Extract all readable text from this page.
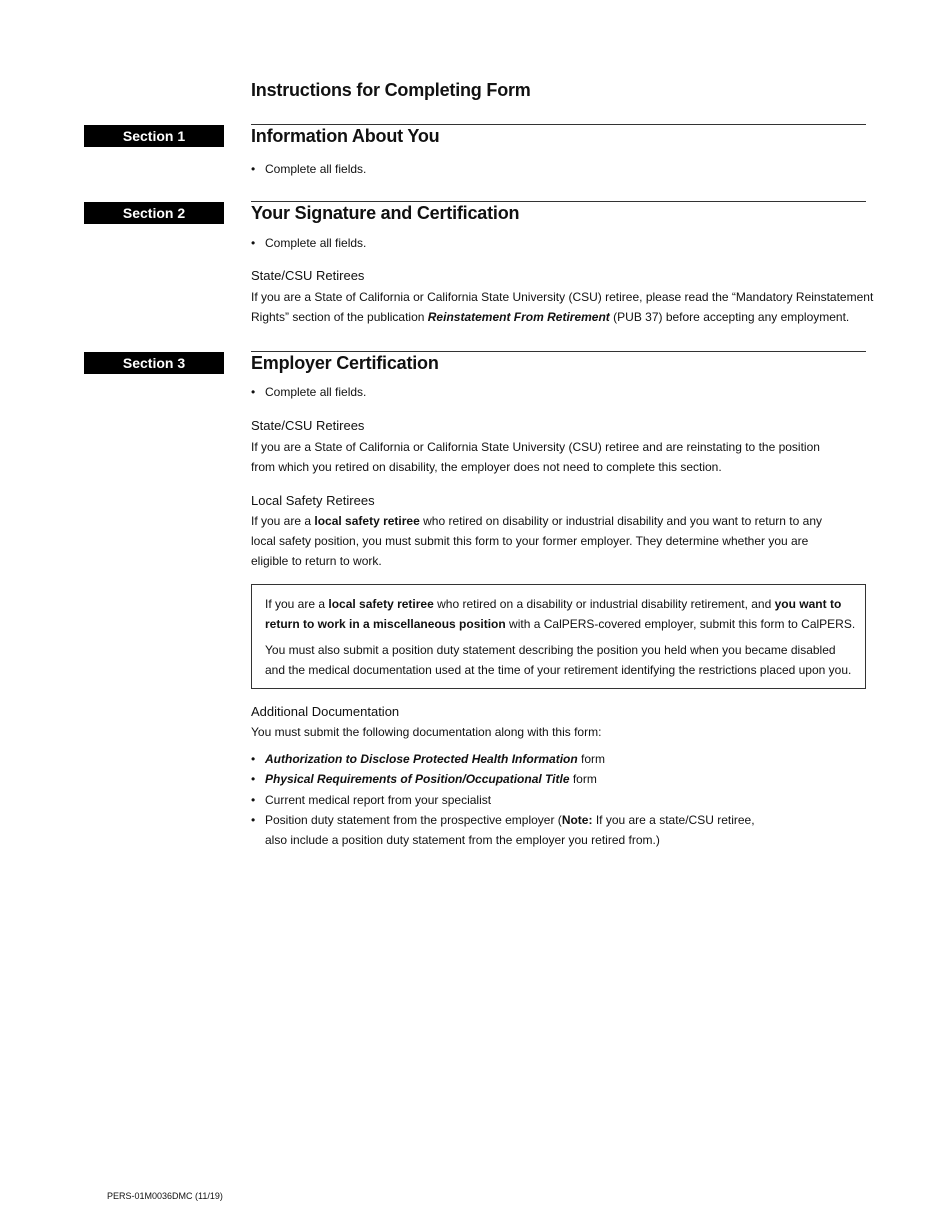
Instructions for Completing Form
Section 1	Information About You
• Complete all fields.
Section 2	Your Signature and Certification
• Complete all fields.
State/CSU Retirees
If you are a State of California or California State University (CSU) retiree, please read the “Mandatory Reinstatement
Rights” section of the publication Reinstatement From Retirement (PUB 37) before accepting any employment.
Section 3	Employer Certification
• Complete all fields.
State/CSU Retirees
If you are a State of California or California State University (CSU) retiree and are reinstating to the position
from which you retired on disability, the employer does not need to complete this section.
Local Safety Retirees
If you are a local safety retiree who retired on disability or industrial disability and you want to return to any
local safety position, you must submit this form to your former employer. They determine whether you are
eligible to return to work.
If you are a local safety retiree who retired on a disability or industrial disability retirement, and you want to
return to work in a miscellaneous position with a CalPERS-covered employer, submit this form to CalPERS.
You must also submit a position duty statement describing the position you held when you became disabled
and the medical documentation used at the time of your retirement identifying the restrictions placed upon you.
Additional Documentation
You must submit the following documentation along with this form:
• Authorization to Disclose Protected Health Information form
• Physical Requirements of Position/Occupational Title form
• Current medical report from your specialist
• Position duty statement from the prospective employer (Note: If you are a state/CSU retiree,
also include a position duty statement from the employer you retired from.)
PERS-01M0036DMC (11/19)
